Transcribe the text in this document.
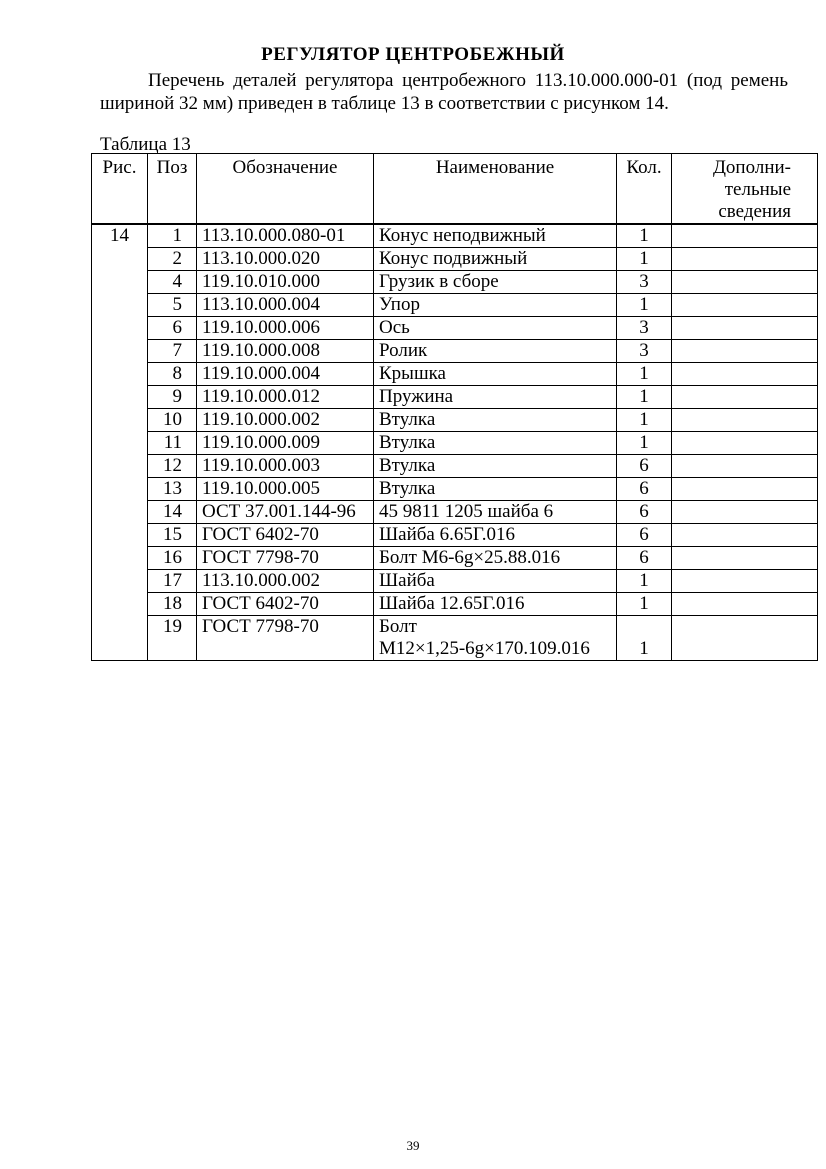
РЕГУЛЯТОР ЦЕНТРОБЕЖНЫЙ

Перечень деталей регулятора центробежного 113.10.000.000-01 (под ремень шириной 32 мм) приведен в таблице 13 в соответствии с рисунком 14.

Таблица 13
Рис.	Поз	Обозначение	Наименование	Кол.	Дополни-
тельные
сведения

14	1	113.10.000.080-01	Конус неподвижный	1	
	2	113.10.000.020	Конус подвижный	1	
	4	119.10.010.000	Грузик в сборе	3	
	5	113.10.000.004	Упор	1	
	6	119.10.000.006	Ось	3	
	7	119.10.000.008	Ролик	3	
	8	119.10.000.004	Крышка	1	
	9	119.10.000.012	Пружина	1	
	10	119.10.000.002	Втулка	1	
	11	119.10.000.009	Втулка	1	
	12	119.10.000.003	Втулка	6	
	13	119.10.000.005	Втулка	6	
	14	ОСТ 37.001.144-96	45 9811 1205 шайба 6	6	
	15	ГОСТ 6402-70	Шайба 6.65Г.016	6	
	16	ГОСТ 7798-70	Болт М6-6g×25.88.016	6	
	17	113.10.000.002	Шайба	1	
	18	ГОСТ 6402-70	Шайба 12.65Г.016	1	
	19	ГОСТ 7798-70	Болт
М12×1,25-6g×170.109.016	1	
39
